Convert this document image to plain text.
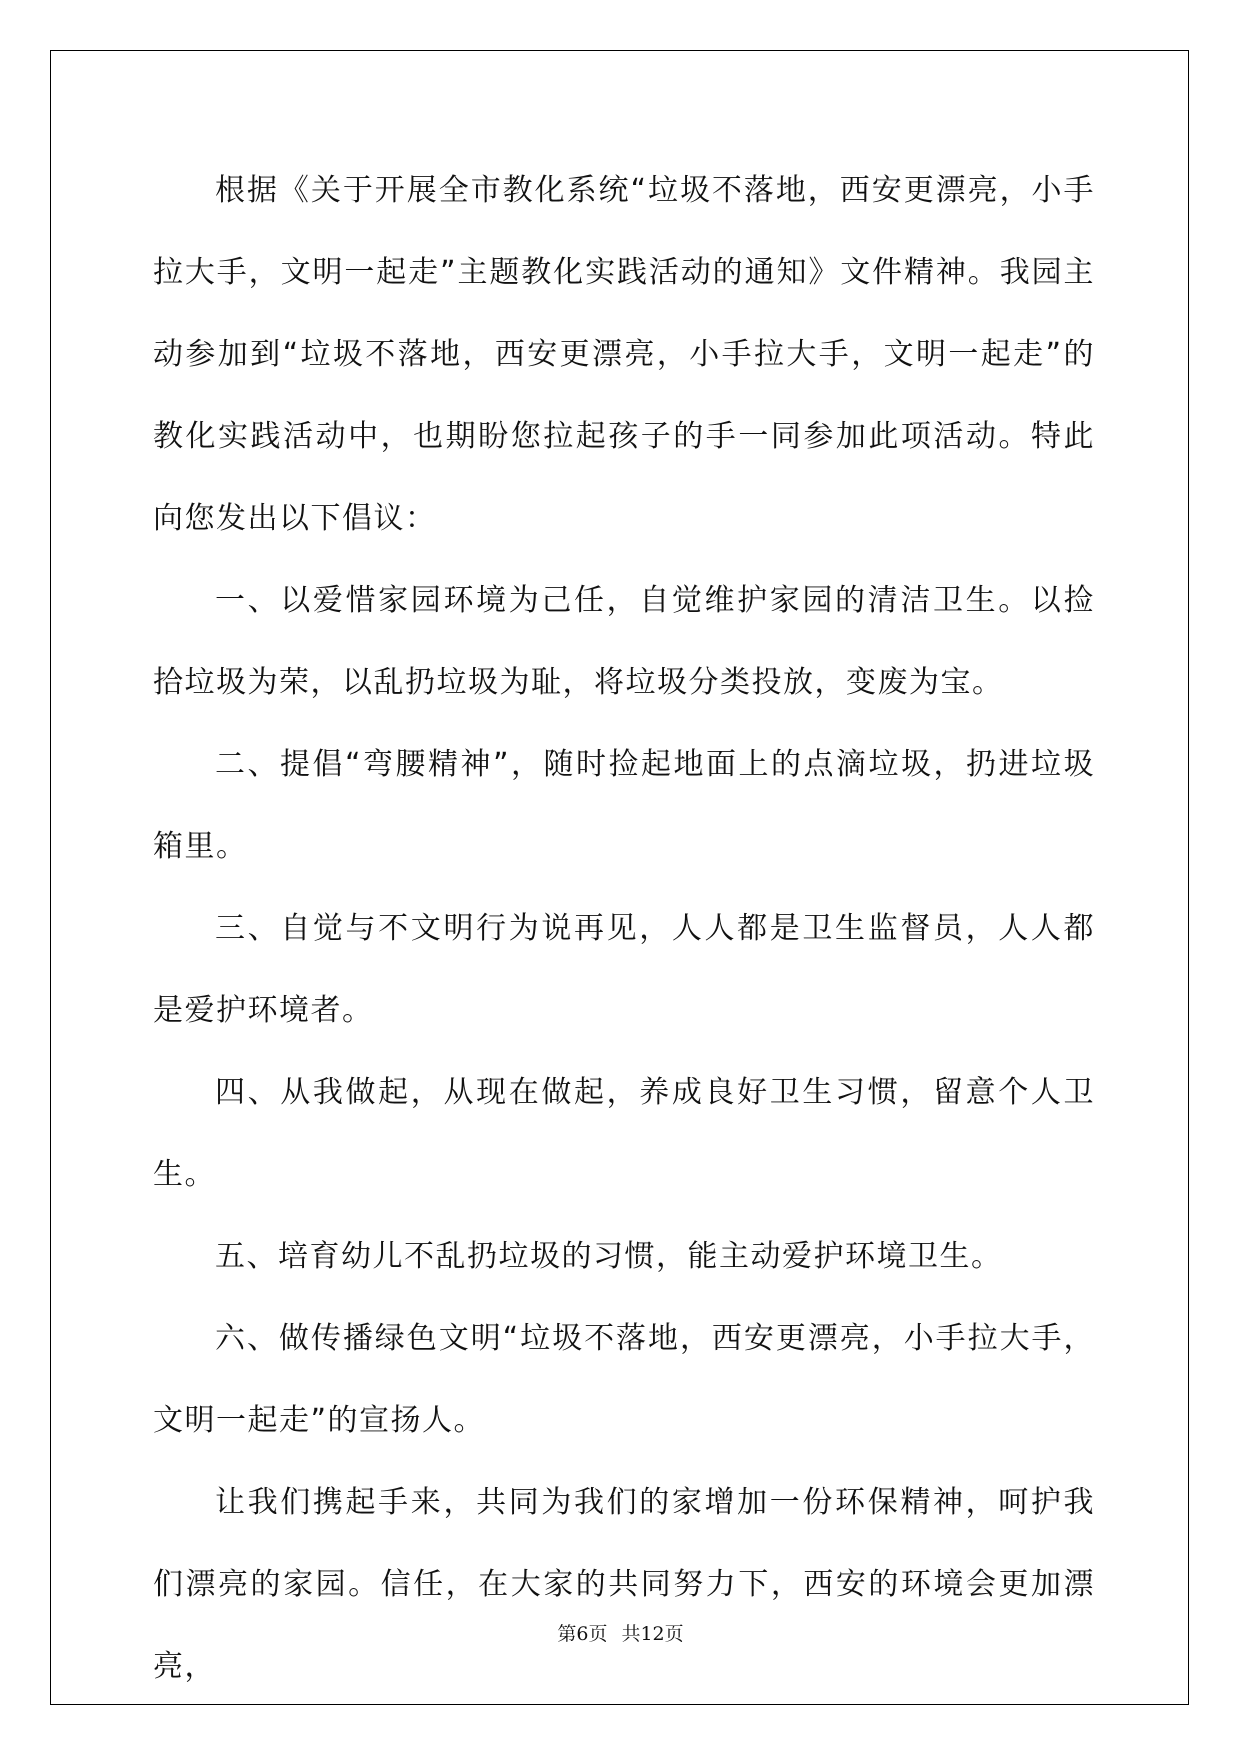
根据《关于开展全市教化系统“垃圾不落地，西安更漂亮，小手拉大手，文明一起走”主题教化实践活动的通知》文件精神。我园主动参加到“垃圾不落地，西安更漂亮，小手拉大手，文明一起走”的教化实践活动中，也期盼您拉起孩子的手一同参加此项活动。特此向您发出以下倡议：

一、以爱惜家园环境为己任，自觉维护家园的清洁卫生。以捡拾垃圾为荣，以乱扔垃圾为耻，将垃圾分类投放，变废为宝。

二、提倡“弯腰精神”，随时捡起地面上的点滴垃圾，扔进垃圾箱里。

三、自觉与不文明行为说再见，人人都是卫生监督员，人人都是爱护环境者。

四、从我做起，从现在做起，养成良好卫生习惯，留意个人卫生。

五、培育幼儿不乱扔垃圾的习惯，能主动爱护环境卫生。

六、做传播绿色文明“垃圾不落地，西安更漂亮，小手拉大手，文明一起走”的宣扬人。

让我们携起手来，共同为我们的家增加一份环保精神，呵护我们漂亮的家园。信任，在大家的共同努力下，西安的环境会更加漂亮，

第6页 共12页
